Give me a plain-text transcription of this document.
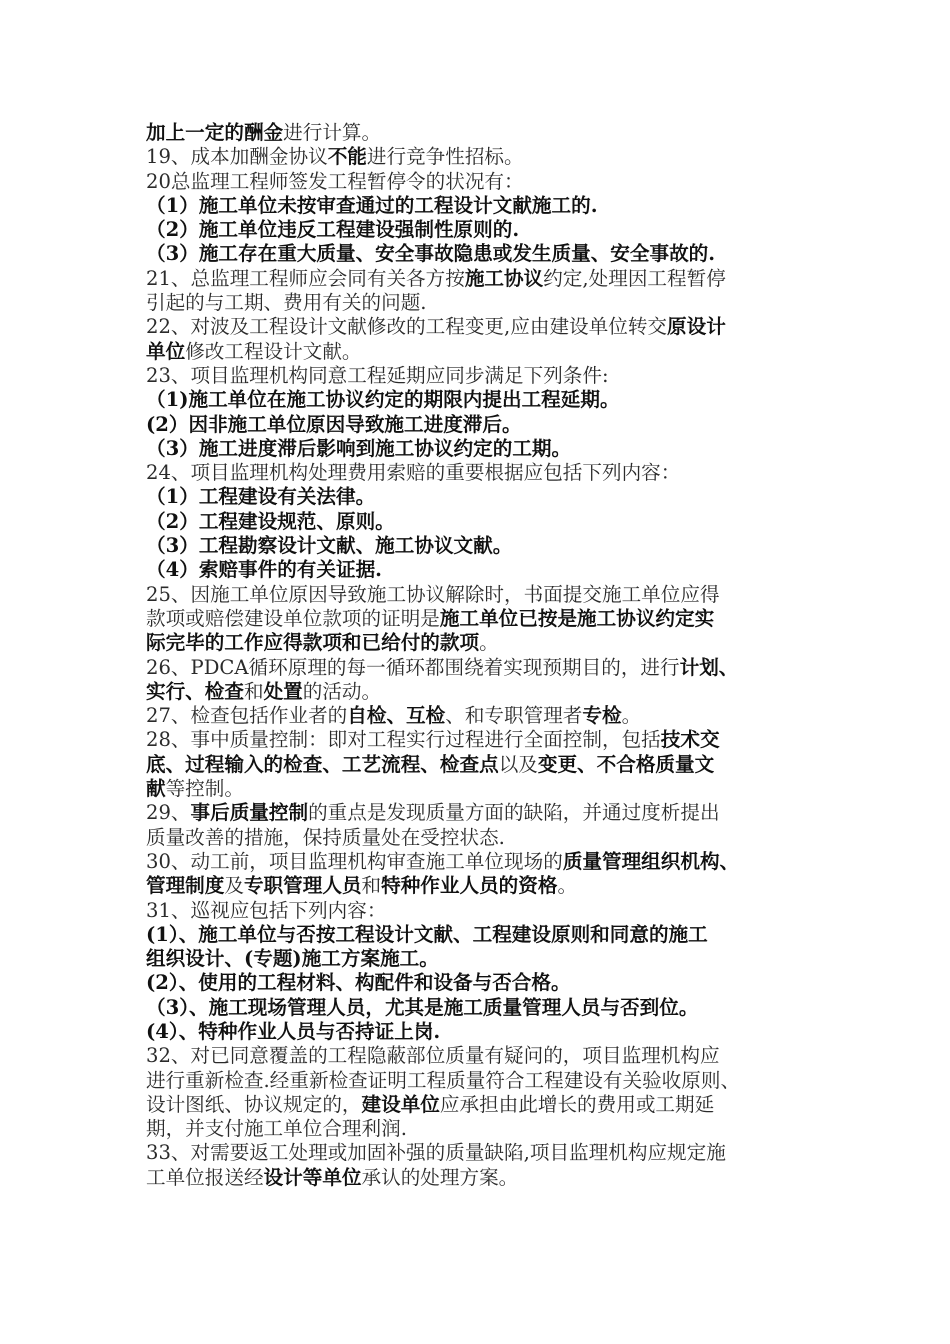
加上一定的酬金进行计算。
19、成本加酬金协议不能进行竞争性招标。
20总监理工程师签发工程暂停令的状况有：
（1）施工单位未按审查通过的工程设计文献施工的.
（2）施工单位违反工程建设强制性原则的.
（3）施工存在重大质量、安全事故隐患或发生质量、安全事故的.
21、总监理工程师应会同有关各方按施工协议约定,处理因工程暂停
引起的与工期、费用有关的问题.
22、对波及工程设计文献修改的工程变更,应由建设单位转交原设计
单位修改工程设计文献。
23、项目监理机构同意工程延期应同步满足下列条件:
（1)施工单位在施工协议约定的期限内提出工程延期。
(2）因非施工单位原因导致施工进度滞后。
（3）施工进度滞后影响到施工协议约定的工期。
24、项目监理机构处理费用索赔的重要根据应包括下列内容：
（1）工程建设有关法律。
（2）工程建设规范、原则。
（3）工程勘察设计文献、施工协议文献。
（4）索赔事件的有关证据.
25、因施工单位原因导致施工协议解除时，书面提交施工单位应得
款项或赔偿建设单位款项的证明是施工单位已按是施工协议约定实
际完毕的工作应得款项和已给付的款项。
26、PDCA循环原理的每一循环都围绕着实现预期目的，进行计划、
实行、检查和处置的活动。
27、检查包括作业者的自检、互检、和专职管理者专检。
28、事中质量控制：即对工程实行过程进行全面控制，包括技术交
底、过程输入的检查、工艺流程、检查点以及变更、不合格质量文
献等控制。
29、事后质量控制的重点是发现质量方面的缺陷，并通过度析提出
质量改善的措施，保持质量处在受控状态.
30、动工前，项目监理机构审查施工单位现场的质量管理组织机构、
管理制度及专职管理人员和特种作业人员的资格。
31、巡视应包括下列内容：
(1）、施工单位与否按工程设计文献、工程建设原则和同意的施工
组织设计、(专题)施工方案施工。
(2）、使用的工程材料、构配件和设备与否合格。
（3）、施工现场管理人员，尤其是施工质量管理人员与否到位。
(4）、特种作业人员与否持证上岗.
32、对已同意覆盖的工程隐蔽部位质量有疑问的，项目监理机构应
进行重新检查.经重新检查证明工程质量符合工程建设有关验收原则、
设计图纸、协议规定的，建设单位应承担由此增长的费用或工期延
期，并支付施工单位合理利润.
33、对需要返工处理或加固补强的质量缺陷,项目监理机构应规定施
工单位报送经设计等单位承认的处理方案。
